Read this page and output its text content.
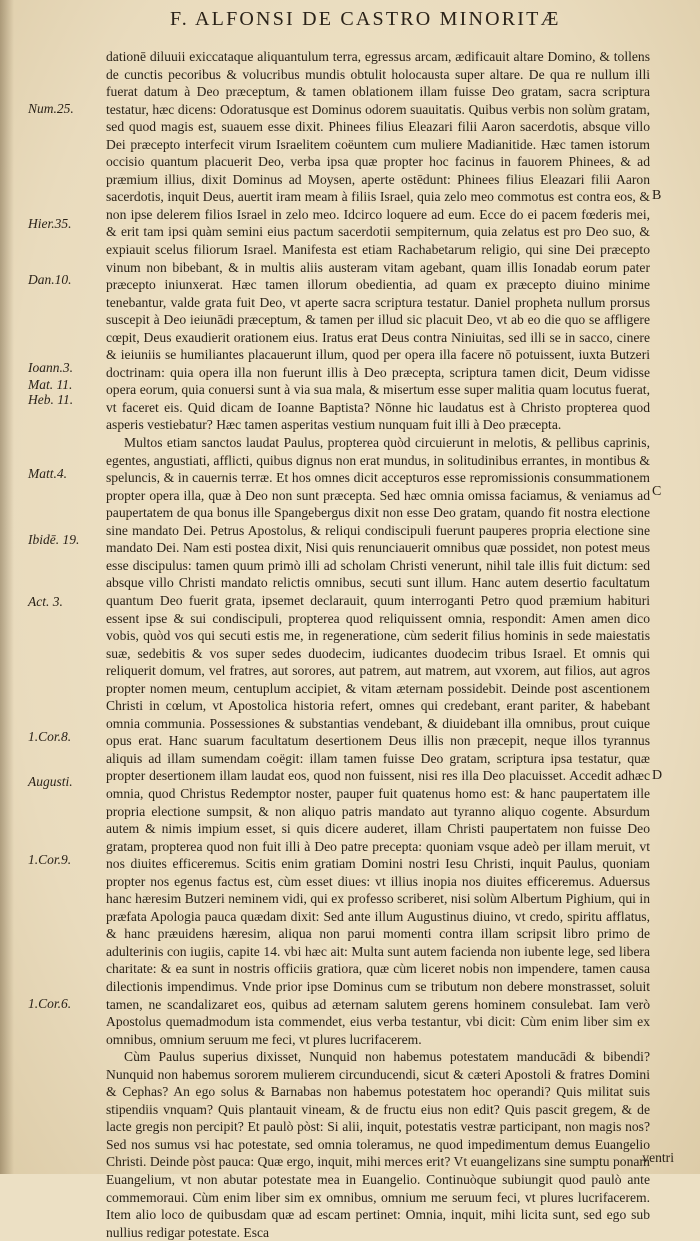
F. ALFONSI DE CASTRO MINORITÆ
Num.25.
Hier.35.
Dan.10.
Ioann.3.
Mat. 11.
Heb. 11.
Matt.4.
Ibidē. 19.
Act. 3.
1.Cor.8.
Augusti.
1.Cor.9.
1.Cor.6.
B
C
D

dationē diluuii exiccataque aliquantulum terra, egressus arcam, ædificauit altare Domino, & tollens de cunctis pecoribus & volucribus mundis obtulit holocausta super altare. De qua re nullum illi fuerat datum à Deo præceptum, & tamen oblationem illam fuisse Deo gratam, sacra scriptura testatur, hæc dicens: Odoratusque est Dominus odorem suauitatis. Quibus verbis non solùm gratam, sed quod magis est, suauem esse dixit. Phinees filius Eleazari filii Aaron sacerdotis, absque villo Dei præcepto interfecit virum Israelitem coëuntem cum muliere Madianitide. Hæc tamen istorum occisio quantum placuerit Deo, verba ipsa quæ propter hoc facinus in fauorem Phinees, & ad præmium illius, dixit Dominus ad Moysen, aperte ostēdunt: Phinees filius Eleazari filii Aaron sacerdotis, inquit Deus, auertit iram meam à filiis Israel, quia zelo meo commotus est contra eos, & non ipse delerem filios Israel in zelo meo. Idcirco loquere ad eum. Ecce do ei pacem fœderis mei, & erit tam ipsi quàm semini eius pactum sacerdotii sempiternum, quia zelatus est pro Deo suo, & expiauit scelus filiorum Israel. Manifesta est etiam Rachabetarum religio, qui sine Dei præcepto vinum non bibebant, & in multis aliis austeram vitam agebant, quam illis Ionadab eorum pater præcepto iniunxerat. Hæc tamen illorum obedientia, ad quam ex præcepto diuino minime tenebantur, valde grata fuit Deo, vt aperte sacra scriptura testatur. Daniel propheta nullum prorsus suscepit à Deo ieiunādi præceptum, & tamen per illud sic placuit Deo, vt ab eo die quo se affligere cœpit, Deus exaudierit orationem eius. Iratus erat Deus contra Niniuitas, sed illi se in sacco, cinere & ieiuniis se humiliantes placauerunt illum, quod per opera illa facere nō potuissent, iuxta Butzeri doctrinam: quia opera illa non fuerunt illis à Deo præcepta, scriptura tamen dicit, Deum vidisse opera eorum, quia conuersi sunt à via sua mala, & misertum esse super malitia quam locutus fuerat, vt faceret eis. Quid dicam de Ioanne Baptista? Nōnne hic laudatus est à Christo propterea quod asperis vestiebatur? Hæc tamen asperitas vestium nunquam fuit illi à Deo præcepta.

Multos etiam sanctos laudat Paulus, propterea quòd circuierunt in melotis, & pellibus caprinis, egentes, angustiati, afflicti, quibus dignus non erat mundus, in solitudinibus errantes, in montibus & speluncis, & in cauernis terræ. Et hos omnes dicit accepturos esse repromissionis consummationem propter opera illa, quæ à Deo non sunt præcepta. Sed hæc omnia omissa faciamus, & veniamus ad paupertatem de qua bonus ille Spangebergus dixit non esse Deo gratam, quando fit nostra electione sine mandato Dei. Petrus Apostolus, & reliqui condiscipuli fuerunt pauperes propria electione sine mandato Dei. Nam esti postea dixit, Nisi quis renunciauerit omnibus quæ possidet, non potest meus esse discipulus: tamen quum primò illi ad scholam Christi venerunt, nihil tale illis fuit dictum: sed absque villo Christi mandato relictis omnibus, secuti sunt illum. Hanc autem desertio facultatum quantum Deo fuerit grata, ipsemet declarauit, quum interroganti Petro quod præmium habituri essent ipse & sui condiscipuli, propterea quod reliquissent omnia, respondit: Amen amen dico vobis, quòd vos qui secuti estis me, in regeneratione, cùm sederit filius hominis in sede maiestatis suæ, sedebitis & vos super sedes duodecim, iudicantes duodecim tribus Israel. Et omnis qui reliquerit domum, vel fratres, aut sorores, aut patrem, aut matrem, aut vxorem, aut filios, aut agros propter nomen meum, centuplum accipiet, & vitam æternam possidebit. Deinde post ascentionem Christi in cœlum, vt Apostolica historia refert, omnes qui credebant, erant pariter, & habebant omnia communia. Possessiones & substantias vendebant, & diuidebant illa omnibus, prout cuique opus erat. Hanc suarum facultatum desertionem Deus illis non præcepit, neque illos tyrannus aliquis ad illam sumendam coëgit: illam tamen fuisse Deo gratam, scriptura ipsa testatur, quæ propter desertionem illam laudat eos, quod non fuissent, nisi res illa Deo placuisset. Accedit adhæc omnia, quod Christus Redemptor noster, pauper fuit quatenus homo est: & hanc paupertatem ille propria electione sumpsit, & non aliquo patris mandato aut tyranno aliquo cogente. Absurdum autem & nimis impium esset, si quis dicere auderet, illam Christi paupertatem non fuisse Deo gratam, propterea quod non fuit illi à Deo patre precepta: quoniam vsque adeò per illam meruit, vt nos diuites efficeremus. Scitis enim gratiam Domini nostri Iesu Christi, inquit Paulus, quoniam propter nos egenus factus est, cùm esset diues: vt illius inopia nos diuites efficeremus. Aduersus hanc hæresim Butzeri neminem vidi, qui ex professo scriberet, nisi solùm Albertum Pighium, qui in præfata Apologia pauca quædam dixit: Sed ante illum Augustinus diuino, vt credo, spiritu afflatus, & hanc præuidens hæresim, aliqua non parui momenti contra illam scripsit libro primo de adulterinis con iugiis, capite 14. vbi hæc ait: Multa sunt autem facienda non iubente lege, sed libera charitate: & ea sunt in nostris officiis gratiora, quæ cùm liceret nobis non impendere, tamen causa dilectionis impendimus. Vnde prior ipse Dominus cum se tributum non debere monstrasset, soluit tamen, ne scandalizaret eos, quibus ad æternam salutem gerens hominem consulebat. Iam verò Apostolus quemadmodum ista commendet, eius verba testantur, vbi dicit: Cùm enim liber sim ex omnibus, omnium seruum me feci, vt plures lucrifacerem.

Cùm Paulus superius dixisset, Nunquid non habemus potestatem manducādi & bibendi? Nunquid non habemus sororem mulierem circunducendi, sicut & cæteri Apostoli & fratres Domini & Cephas? An ego solus & Barnabas non habemus potestatem hoc operandi? Quis militat suis stipendiis vnquam? Quis plantauit vineam, & de fructu eius non edit? Quis pascit gregem, & de lacte gregis non percipit? Et paulò pòst: Si alii, inquit, potestatis vestræ participant, non magis nos? Sed nos sumus vsi hac potestate, sed omnia toleramus, ne quod impedimentum demus Euangelio Christi. Deinde pòst pauca: Quæ ergo, inquit, mihi merces erit? Vt euangelizans sine sumptu ponam Euangelium, vt non abutar potestate mea in Euangelio. Continuòque subiungit quod paulò ante commemoraui. Cùm enim liber sim ex omnibus, omnium me seruum feci, vt plures lucrifacerem. Item alio loco de quibusdam quæ ad escam pertinet: Omnia, inquit, mihi licita sunt, sed ego sub nullius redigar potestate. Esca

ventri
